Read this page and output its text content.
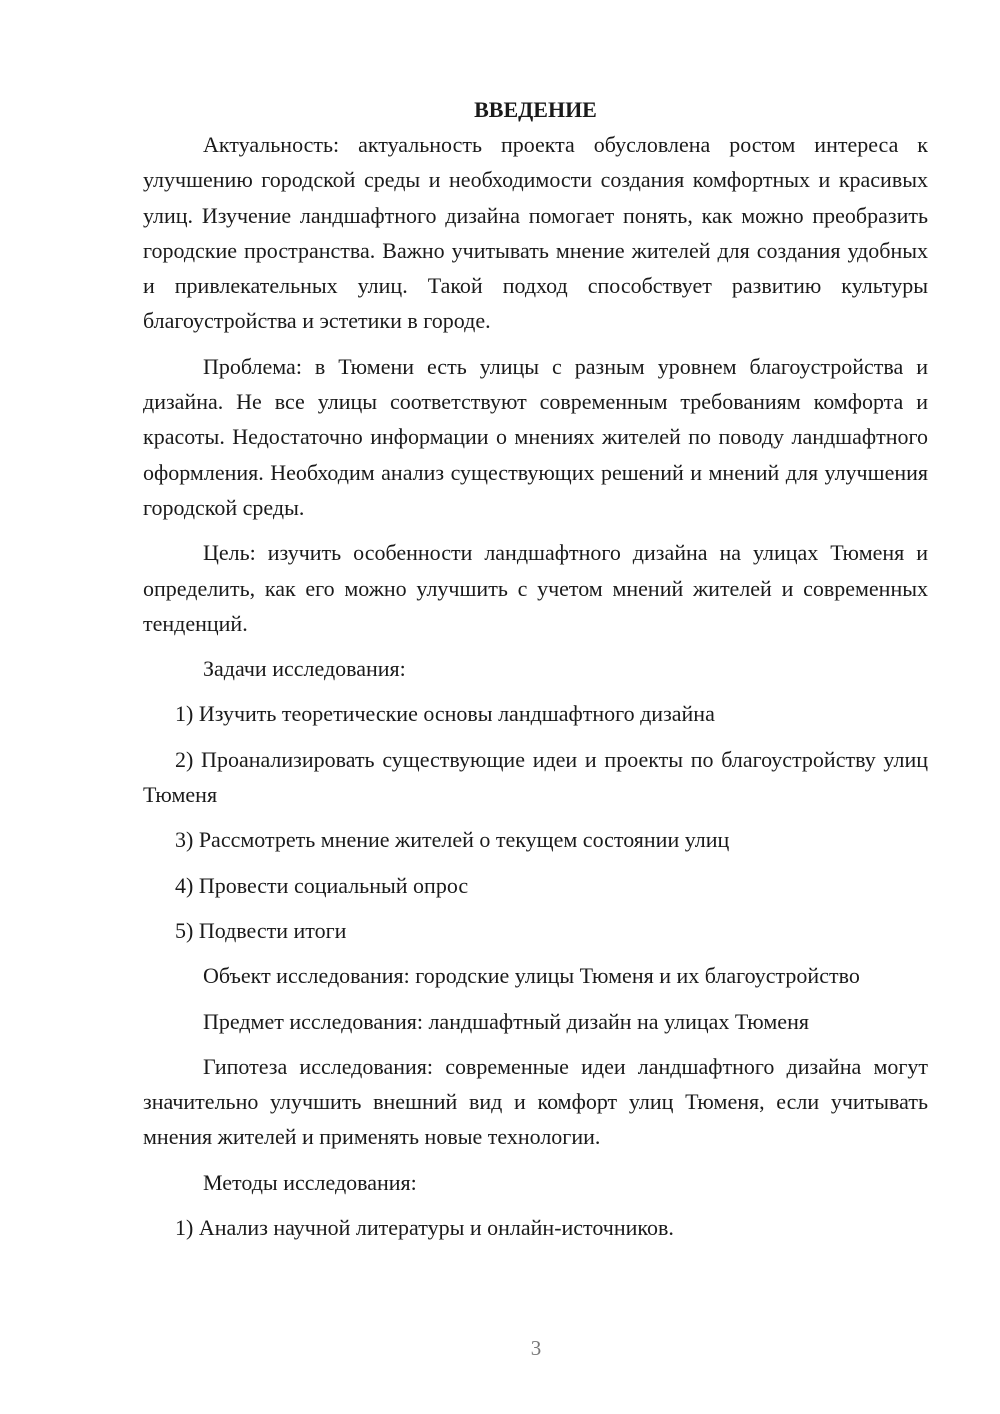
ВВЕДЕНИЕ

Актуальность: актуальность проекта обусловлена ростом интереса к улучшению городской среды и необходимости создания комфортных и красивых улиц. Изучение ландшафтного дизайна помогает понять, как можно преобразить городские пространства. Важно учитывать мнение жителей для создания удобных и привлекательных улиц. Такой подход способствует развитию культуры благоустройства и эстетики в городе.

Проблема: в Тюмени есть улицы с разным уровнем благоустройства и дизайна. Не все улицы соответствуют современным требованиям комфорта и красоты. Недостаточно информации о мнениях жителей по поводу ландшафтного оформления. Необходим анализ существующих решений и мнений для улучшения городской среды.

Цель: изучить особенности ландшафтного дизайна на улицах Тюменя и определить, как его можно улучшить с учетом мнений жителей и современных тенденций.

Задачи исследования:

1) Изучить теоретические основы ландшафтного дизайна

2) Проанализировать существующие идеи и проекты по благоустройству улиц Тюменя

3) Рассмотреть мнение жителей о текущем состоянии улиц

4) Провести социальный опрос

5) Подвести итоги

Объект исследования: городские улицы Тюменя и их благоустройство

Предмет исследования: ландшафтный дизайн на улицах Тюменя

Гипотеза исследования: современные идеи ландшафтного дизайна могут значительно улучшить внешний вид и комфорт улиц Тюменя, если учитывать мнения жителей и применять новые технологии.

Методы исследования:

1) Анализ научной литературы и онлайн-источников.

3
